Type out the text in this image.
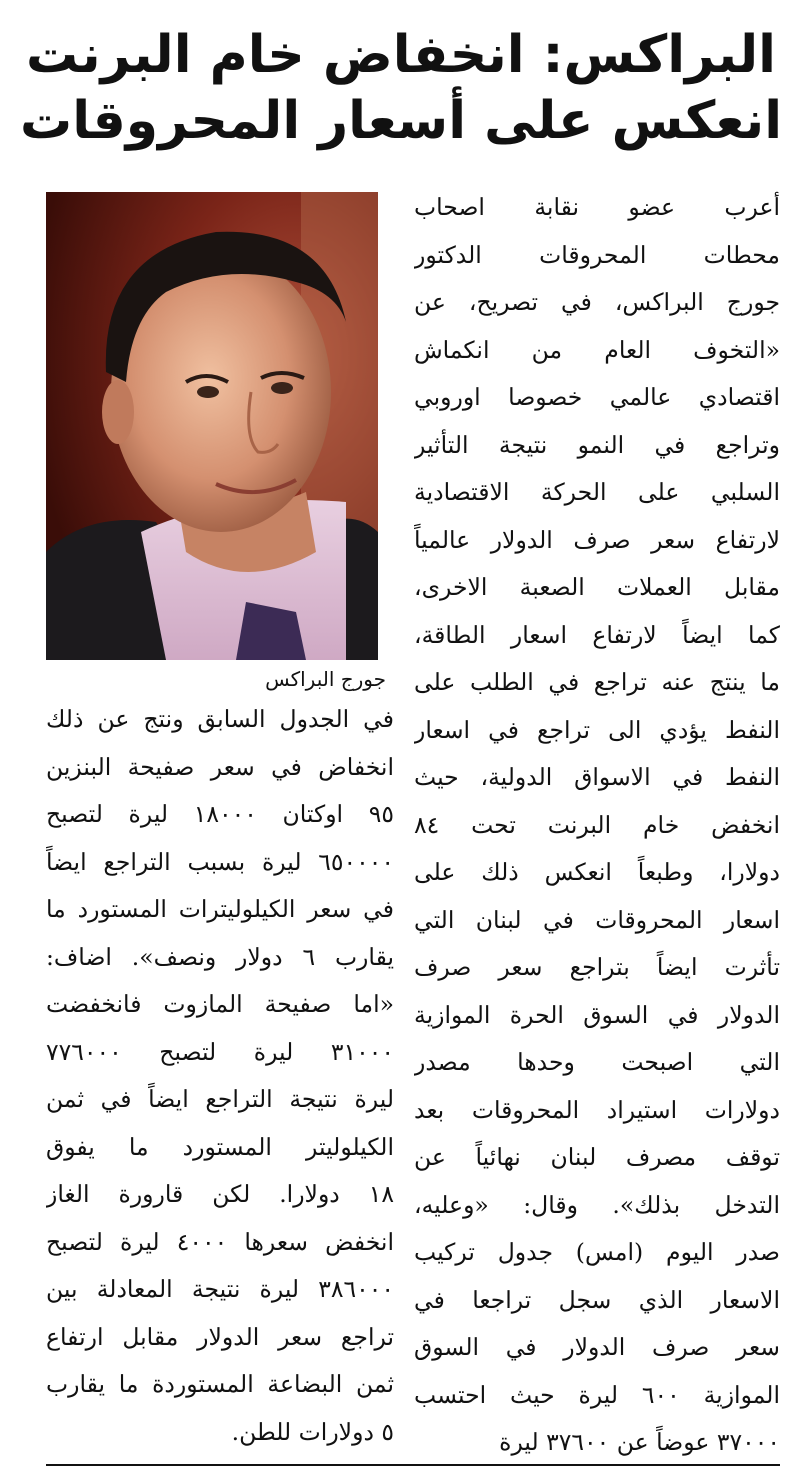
البراكس: انخفاض خام البرنت
انعكس على أسعار المحروقات
جورج البراكس
أعرب عضو نقابة اصحاب
محطات المحروقات الدكتور
جورج البراكس، في تصريح، عن
«التخوف العام من انكماش
اقتصادي عالمي خصوصا اوروبي
وتراجع في النمو نتيجة التأثير
السلبي على الحركة الاقتصادية
لارتفاع سعر صرف الدولار عالمياً
مقابل العملات الصعبة الاخرى،
كما ايضاً لارتفاع اسعار الطاقة،
ما ينتج عنه تراجع في الطلب على
النفط يؤدي الى تراجع في اسعار
النفط في الاسواق الدولية، حيث
انخفض خام البرنت تحت ٨٤
دولارا، وطبعاً انعكس ذلك على
اسعار المحروقات في لبنان التي
تأثرت ايضاً بتراجع سعر صرف
الدولار في السوق الحرة الموازية
التي اصبحت وحدها مصدر
دولارات استيراد المحروقات بعد
توقف مصرف لبنان نهائياً عن
التدخل بذلك». وقال: «وعليه،
صدر اليوم (امس) جدول تركيب
الاسعار الذي سجل تراجعا في
سعر صرف الدولار في السوق
الموازية ٦٠٠ ليرة حيث احتسب
٣٧٠٠٠ عوضاً عن ٣٧٦٠٠ ليرة
في الجدول السابق ونتج عن ذلك
انخفاض في سعر صفيحة البنزين
٩٥ اوكتان ١٨٠٠٠ ليرة لتصبح
٦٥٠٠٠٠ ليرة بسبب التراجع ايضاً
في سعر الكيلوليترات المستورد ما
يقارب ٦ دولار ونصف». اضاف:
«اما صفيحة المازوت فانخفضت
٣١٠٠٠ ليرة لتصبح ٧٧٦٠٠٠
ليرة نتيجة التراجع ايضاً في ثمن
الكيلوليتر المستورد ما يفوق
١٨ دولارا. لكن قارورة الغاز
انخفض سعرها ٤٠٠٠ ليرة لتصبح
٣٨٦٠٠٠ ليرة نتيجة المعادلة بين
تراجع سعر الدولار مقابل ارتفاع
ثمن البضاعة المستوردة ما يقارب
٥ دولارات للطن.
